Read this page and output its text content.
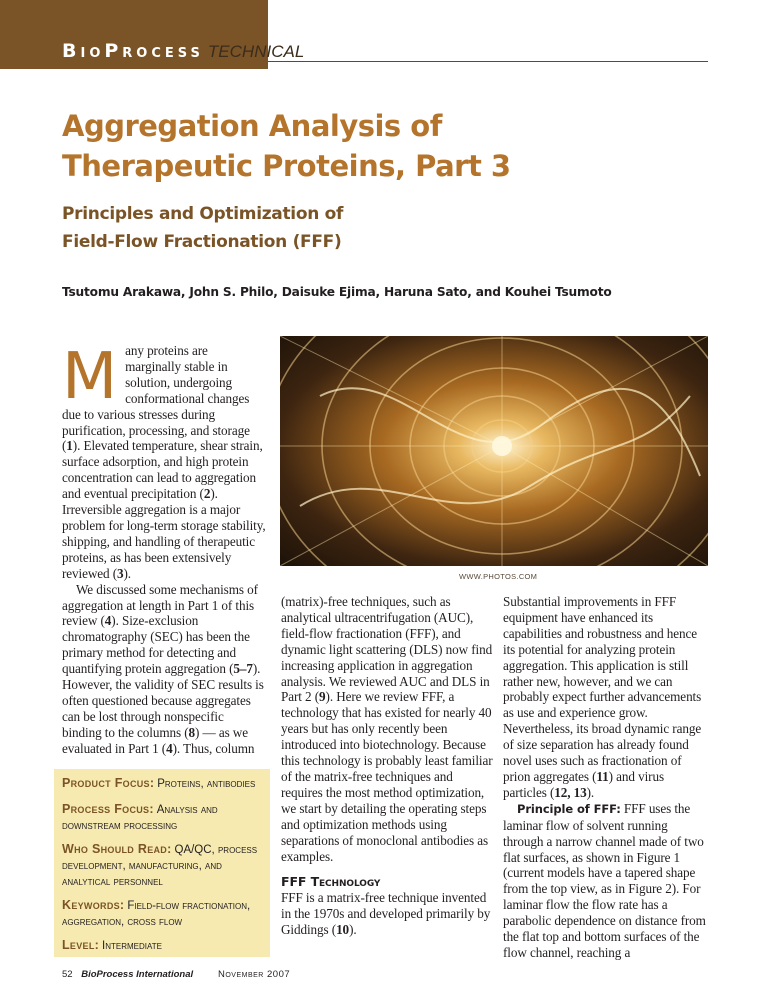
BioProcess TECHNICAL
Aggregation Analysis of
Therapeutic Proteins, Part 3
Principles and Optimization of
Field-Flow Fractionation (FFF)
Tsutomu Arakawa, John S. Philo, Daisuke Ejima, Haruna Sato, and Kouhei Tsumoto

Many proteins are marginally stable in solution, undergoing conformational changes due to various stresses during purification, processing, and storage (1). Elevated temperature, shear strain, surface adsorption, and high protein concentration can lead to aggregation and eventual precipitation (2). Irreversible aggregation is a major problem for long-term storage stability, shipping, and handling of therapeutic proteins, as has been extensively reviewed (3).

We discussed some mechanisms of aggregation at length in Part 1 of this review (4). Size-exclusion chromatography (SEC) has been the primary method for detecting and quantifying protein aggregation (5–7). However, the validity of SEC results is often questioned because aggregates can be lost through nonspecific binding to the columns (8) — as we evaluated in Part 1 (4). Thus, column

WWW.PHOTOS.COM

(matrix)-free techniques, such as analytical ultracentrifugation (AUC), field-flow fractionation (FFF), and dynamic light scattering (DLS) now find increasing application in aggregation analysis. We reviewed AUC and DLS in Part 2 (9). Here we review FFF, a technology that has existed for nearly 40 years but has only recently been introduced into biotechnology. Because this technology is probably least familiar of the matrix-free techniques and requires the most method optimization, we start by detailing the operating steps and optimization methods using separations of monoclonal antibodies as examples.

FFF Technology

FFF is a matrix-free technique invented in the 1970s and developed primarily by Giddings (10).

Substantial improvements in FFF equipment have enhanced its capabilities and robustness and hence its potential for analyzing protein aggregation. This application is still rather new, however, and we can probably expect further advancements as use and experience grow. Nevertheless, its broad dynamic range of size separation has already found novel uses such as fractionation of prion aggregates (11) and virus particles (12, 13).

Principle of FFF: FFF uses the laminar flow of solvent running through a narrow channel made of two flat surfaces, as shown in Figure 1 (current models have a tapered shape from the top view, as in Figure 2). For laminar flow the flow rate has a parabolic dependence on distance from the flat top and bottom surfaces of the flow channel, reaching a

Product Focus: Proteins, antibodies
Process Focus: Analysis and
downstream processing
Who Should Read: QA/QC, process
development, manufacturing, and
analytical personnel
Keywords: Field-flow fractionation,
aggregation, cross flow
Level: Intermediate
52 BioProcess International	November 2007
